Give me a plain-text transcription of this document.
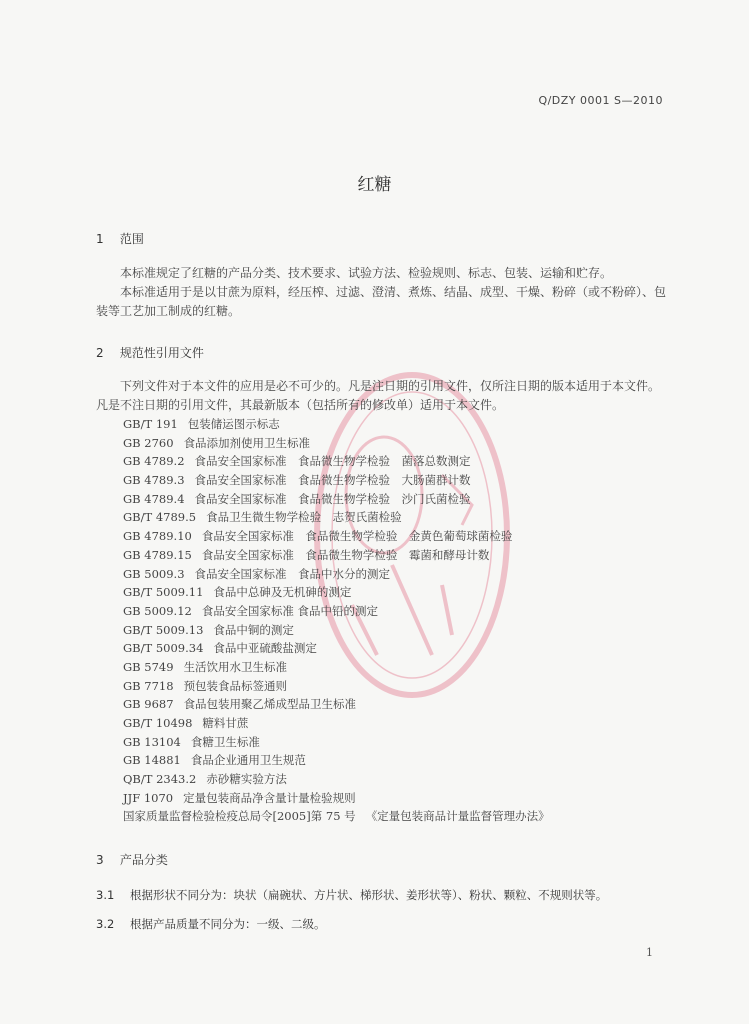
Q/DZY 0001 S—2010
红糖
1 范围

本标准规定了红糖的产品分类、技术要求、试验方法、检验规则、标志、包装、运输和贮存。

本标准适用于是以甘蔗为原料，经压榨、过滤、澄清、煮炼、结晶、成型、干燥、粉碎（或不粉碎）、包装等工艺加工制成的红糖。

2 规范性引用文件

下列文件对于本文件的应用是必不可少的。凡是注日期的引用文件，仅所注日期的版本适用于本文件。凡是不注日期的引用文件，其最新版本（包括所有的修改单）适用于本文件。

GB/T 191 包装储运图示标志
GB 2760 食品添加剂使用卫生标准
GB 4789.2 食品安全国家标准　食品微生物学检验　菌落总数测定
GB 4789.3 食品安全国家标准　食品微生物学检验　大肠菌群计数
GB 4789.4 食品安全国家标准　食品微生物学检验　沙门氏菌检验
GB/T 4789.5 食品卫生微生物学检验　志贺氏菌检验
GB 4789.10 食品安全国家标准　食品微生物学检验　金黄色葡萄球菌检验
GB 4789.15 食品安全国家标准　食品微生物学检验　霉菌和酵母计数
GB 5009.3 食品安全国家标准　食品中水分的测定
GB/T 5009.11 食品中总砷及无机砷的测定
GB 5009.12 食品安全国家标准 食品中铅的测定
GB/T 5009.13 食品中铜的测定
GB/T 5009.34 食品中亚硫酸盐测定
GB 5749 生活饮用水卫生标准
GB 7718 预包装食品标签通则
GB 9687 食品包装用聚乙烯成型品卫生标准
GB/T 10498 糖料甘蔗
GB 13104 食糖卫生标准
GB 14881 食品企业通用卫生规范
QB/T 2343.2 赤砂糖实验方法
JJF 1070 定量包装商品净含量计量检验规则
国家质量监督检验检疫总局令[2005]第 75 号 《定量包装商品计量监督管理办法》
3 产品分类
3.1 根据形状不同分为：块状（扁碗状、方片状、梯形状、姜形状等）、粉状、颗粒、不规则状等。
3.2 根据产品质量不同分为：一级、二级。
1
